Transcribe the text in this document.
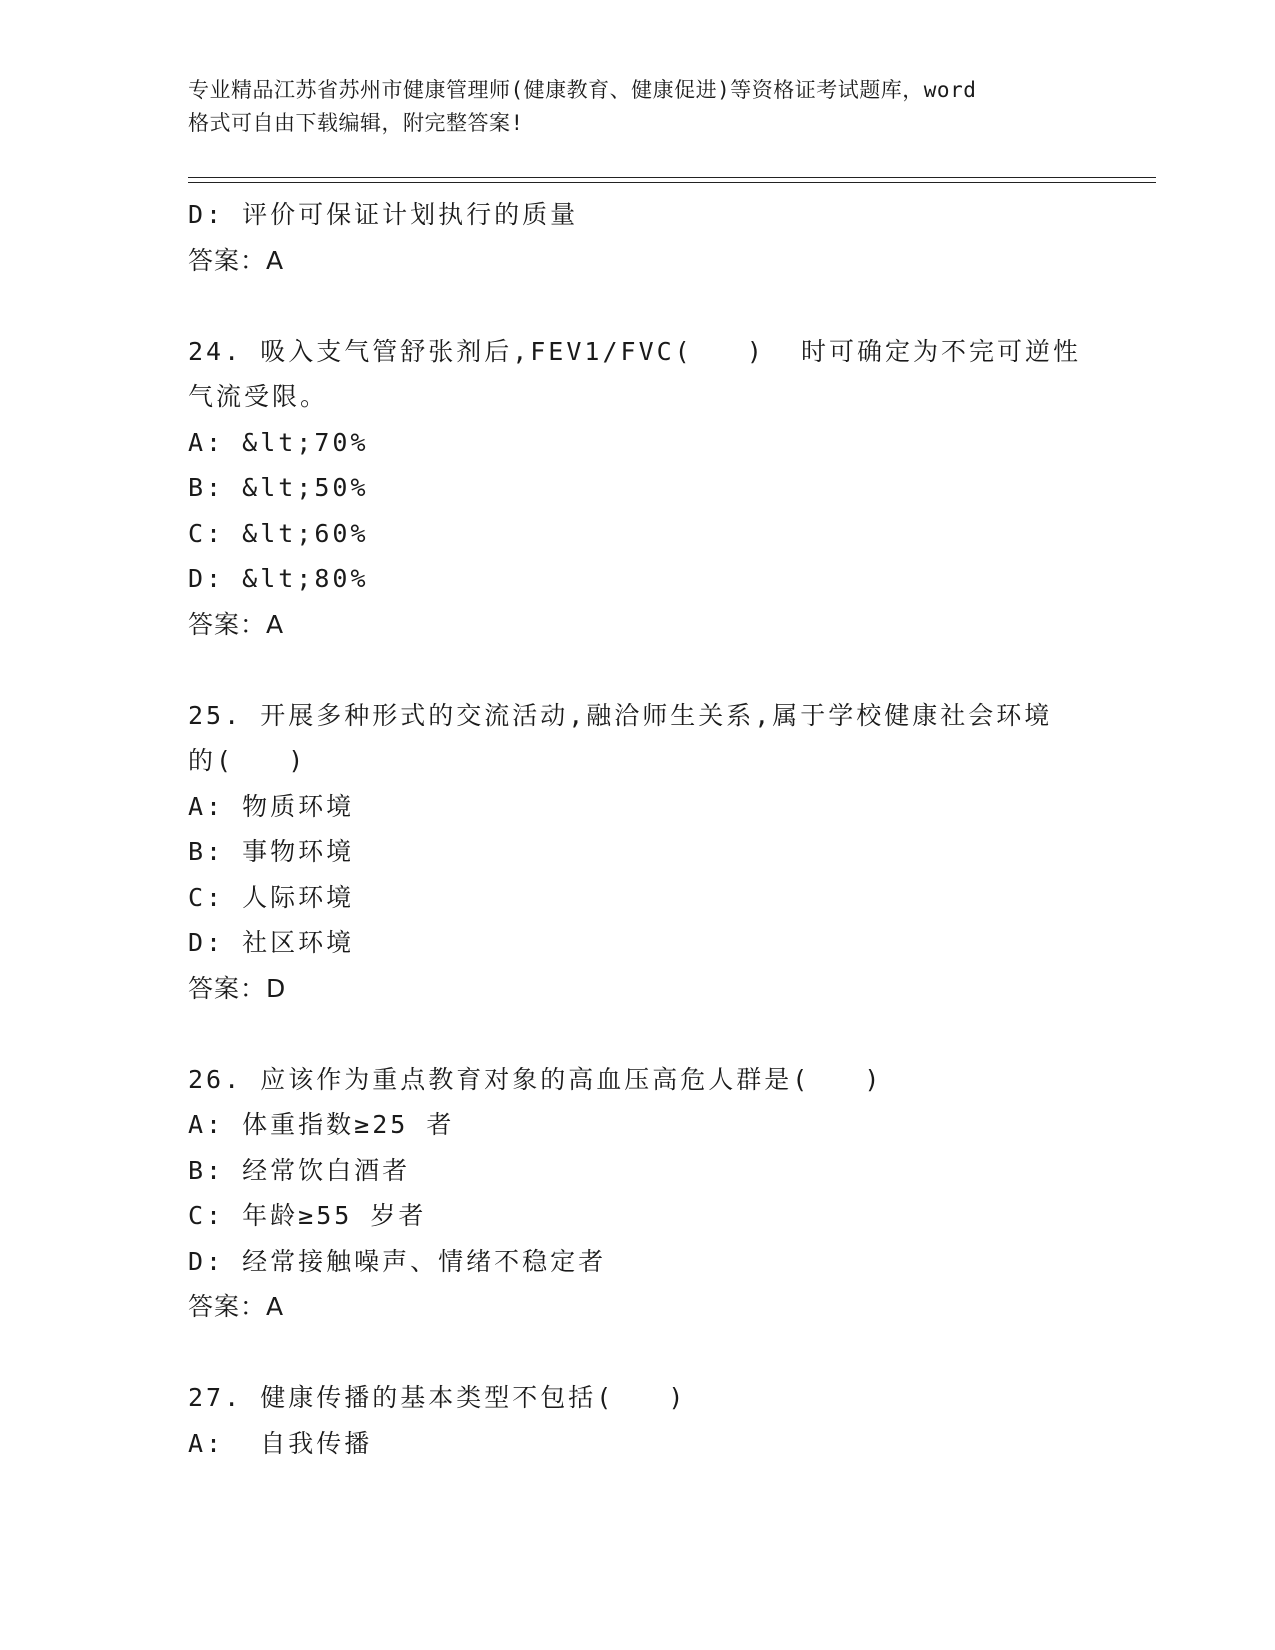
专业精品江苏省苏州市健康管理师(健康教育、健康促进)等资格证考试题库，word
格式可自由下载编辑，附完整答案!
D: 评价可保证计划执行的质量
答案：A
24. 吸入支气管舒张剂后,FEV1/FVC(   )  时可确定为不完可逆性
气流受限。
A: &lt;70%
B: &lt;50%
C: &lt;60%
D: &lt;80%
答案：A
25. 开展多种形式的交流活动,融洽师生关系,属于学校健康社会环境
的(   )
A: 物质环境
B: 事物环境
C: 人际环境
D: 社区环境
答案：D
26. 应该作为重点教育对象的高血压高危人群是(   )
A: 体重指数≥25 者
B: 经常饮白酒者
C: 年龄≥55 岁者
D: 经常接触噪声、情绪不稳定者
答案：A
27. 健康传播的基本类型不包括(   )
A:  自我传播
